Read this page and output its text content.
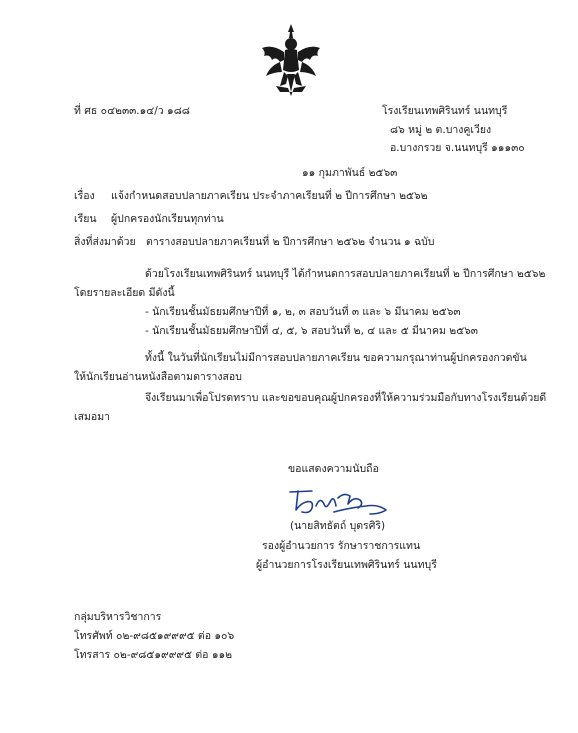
ที่ ศธ ๐๔๒๓๓.๑๔/ว ๑๘๘	โรงเรียนเทพศิรินทร์ นนทบุรี
๘๖ หมู่ ๒ ต.บางคูเวียง
อ.บางกรวย จ.นนทบุรี ๑๑๑๓๐
๑๑ กุมภาพันธ์ ๒๕๖๓
เรื่อง แจ้งกำหนดสอบปลายภาคเรียน ประจำภาคเรียนที่ ๒ ปีการศึกษา ๒๕๖๒
เรียน ผู้ปกครองนักเรียนทุกท่าน
สิ่งที่ส่งมาด้วย ตารางสอบปลายภาคเรียนที่ ๒ ปีการศึกษา ๒๕๖๒ จำนวน ๑ ฉบับ
ด้วยโรงเรียนเทพศิรินทร์ นนทบุรี ได้กำหนดการสอบปลายภาคเรียนที่ ๒ ปีการศึกษา ๒๕๖๒
โดยรายละเอียด มีดังนี้
- นักเรียนชั้นมัธยมศึกษาปีที่ ๑, ๒, ๓ สอบวันที่ ๓ และ ๖ มีนาคม ๒๕๖๓
- นักเรียนชั้นมัธยมศึกษาปีที่ ๔, ๕, ๖ สอบวันที่ ๒, ๔ และ ๕ มีนาคม ๒๕๖๓
ทั้งนี้ ในวันที่นักเรียนไม่มีการสอบปลายภาคเรียน ขอความกรุณาท่านผู้ปกครองกวดขัน
ให้นักเรียนอ่านหนังสือตามตารางสอบ
จึงเรียนมาเพื่อโปรดทราบ และขอขอบคุณผู้ปกครองที่ให้ความร่วมมือกับทางโรงเรียนด้วยดี
เสมอมา
ขอแสดงความนับถือ
(นายสิทธัตถ์ บุตรศิริ)
รองผู้อำนวยการ รักษาราชการแทน
ผู้อำนวยการโรงเรียนเทพศิรินทร์ นนทบุรี
กลุ่มบริหารวิชาการ
โทรศัพท์ ๐๒-๙๘๕๑๙๙๙๕ ต่อ ๑๐๖
โทรสาร ๐๒-๙๘๕๑๙๙๙๕ ต่อ ๑๑๒
